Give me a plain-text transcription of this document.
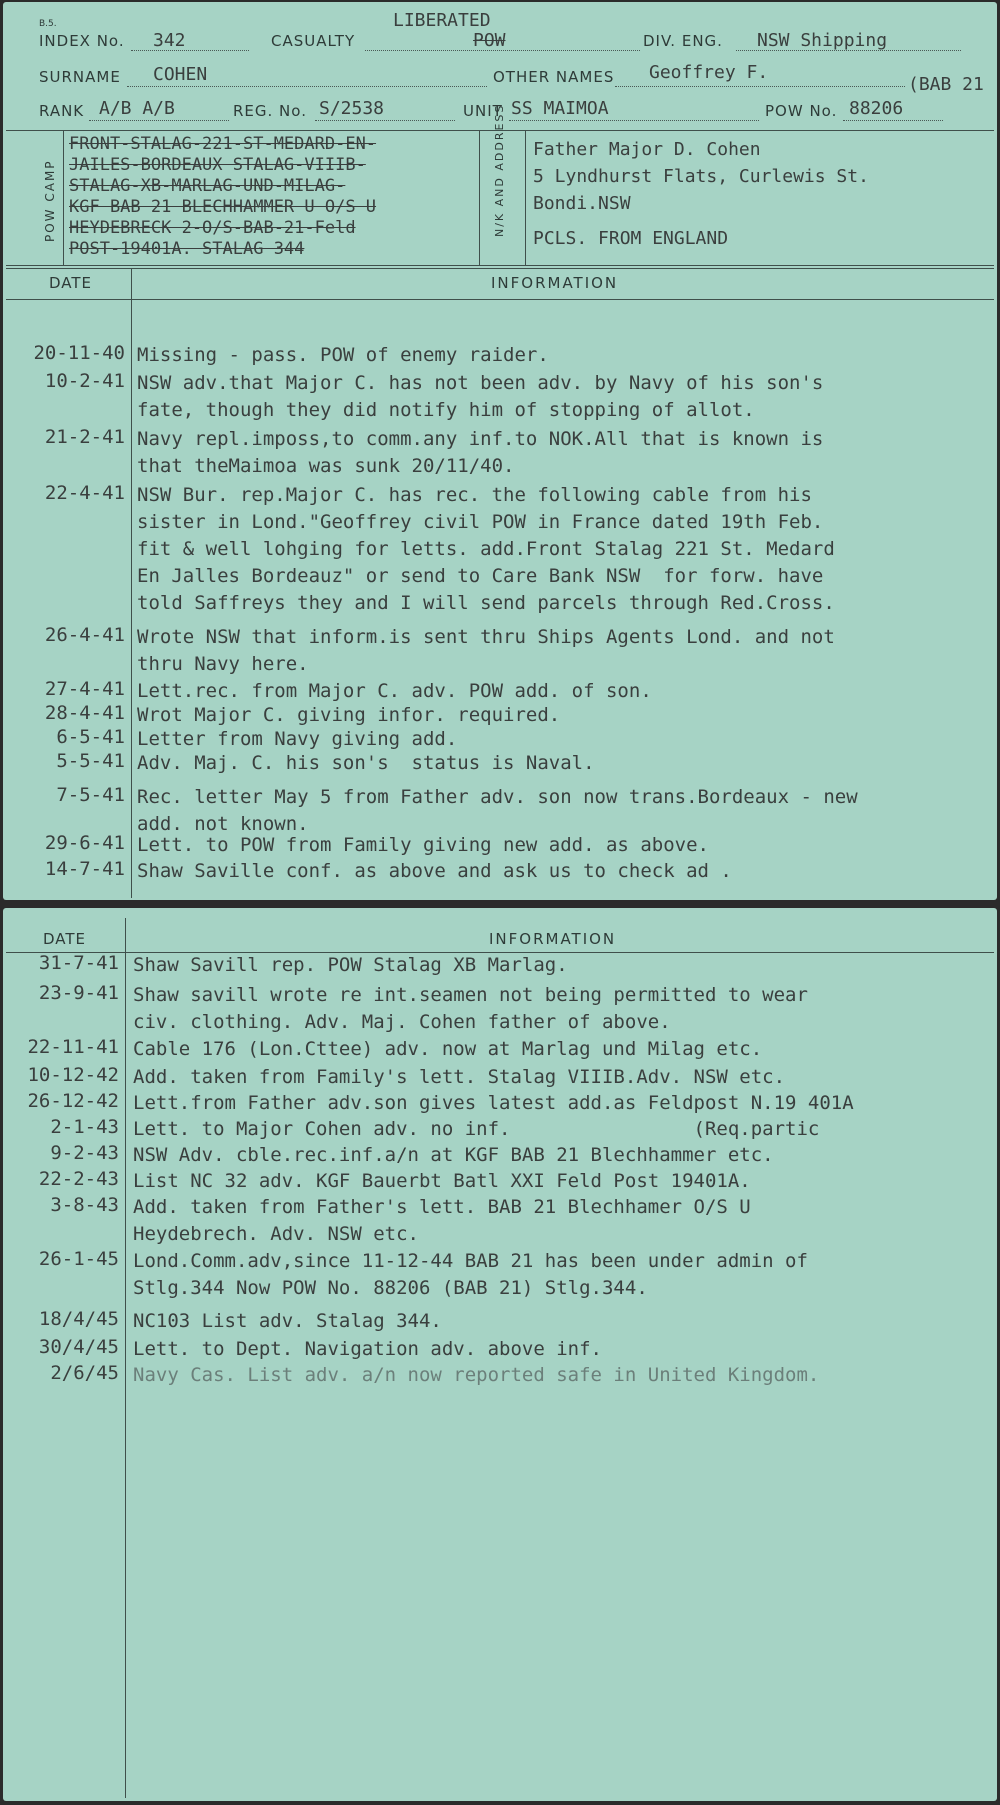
B.5.
INDEX No. 342	CASUALTY
LIBERATED
POW	DIV. ENG. NSW Shipping
SURNAME COHEN	OTHER NAMES Geoffrey F.
(BAB 21
RANK A/B A/B	REG. No. S/2538	UNIT SS MAIMOA	POW No. 88206
POW CAMP
FRONT-STALAG-221-ST-MEDARD-EN-
JAILES-BORDEAUX STALAG-VIIIB-
STALAG-XB-MARLAG-UND-MILAG-
KGF BAB 21 BLECHHAMMER U O/S U
HEYDEBRECK 2-O/S-BAB-21-Feld
POST-19401A. STALAG 344
N/K AND ADDRESS Father Major D. Cohen
5 Lyndhurst Flats, Curlewis St.
Bondi.NSW
PCLS. FROM ENGLAND
DATE	INFORMATION
20-11-40 Missing - pass. POW of enemy raider.
10-2-41 NSW adv.that Major C. has not been adv. by Navy of his son's
fate, though they did notify him of stopping of allot.
21-2-41 Navy repl.imposs,to comm.any inf.to NOK.All that is known is
that theMaimoa was sunk 20/11/40.
22-4-41 NSW Bur. rep.Major C. has rec. the following cable from his
sister in Lond."Geoffrey civil POW in France dated 19th Feb.
fit & well lohging for letts. add.Front Stalag 221 St. Medard
En Jalles Bordeauz" or send to Care Bank NSW  for forw. have
told Saffreys they and I will send parcels through Red.Cross.
26-4-41 Wrote NSW that inform.is sent thru Ships Agents Lond. and not
thru Navy here.
27-4-41 Lett.rec. from Major C. adv. POW add. of son.
28-4-41 Wrot Major C. giving infor. required.
6-5-41 Letter from Navy giving add.
5-5-41 Adv. Maj. C. his son's  status is Naval.
7-5-41 Rec. letter May 5 from Father adv. son now trans.Bordeaux - new
add. not known.
29-6-41 Lett. to POW from Family giving new add. as above.
14-7-41 Shaw Saville conf. as above and ask us to check ad .
DATE	INFORMATION
31-7-41 Shaw Savill rep. POW Stalag XB Marlag.
23-9-41 Shaw savill wrote re int.seamen not being permitted to wear
civ. clothing. Adv. Maj. Cohen father of above.
22-11-41 Cable 176 (Lon.Cttee) adv. now at Marlag und Milag etc.
10-12-42 Add. taken from Family's lett. Stalag VIIIB.Adv. NSW etc.
26-12-42 Lett.from Father adv.son gives latest add.as Feldpost N.19 401A
2-1-43 Lett. to Major Cohen adv. no inf.                (Req.partic
9-2-43 NSW Adv. cble.rec.inf.a/n at KGF BAB 21 Blechhammer etc.
22-2-43 List NC 32 adv. KGF Bauerbt Batl XXI Feld Post 19401A.
3-8-43 Add. taken from Father's lett. BAB 21 Blechhamer O/S U
Heydebrech. Adv. NSW etc.
26-1-45 Lond.Comm.adv,since 11-12-44 BAB 21 has been under admin of
Stlg.344 Now POW No. 88206 (BAB 21) Stlg.344.
18/4/45 NC103 List adv. Stalag 344.
30/4/45 Lett. to Dept. Navigation adv. above inf.
2/6/45 Navy Cas. List adv. a/n now reported safe in United Kingdom.
